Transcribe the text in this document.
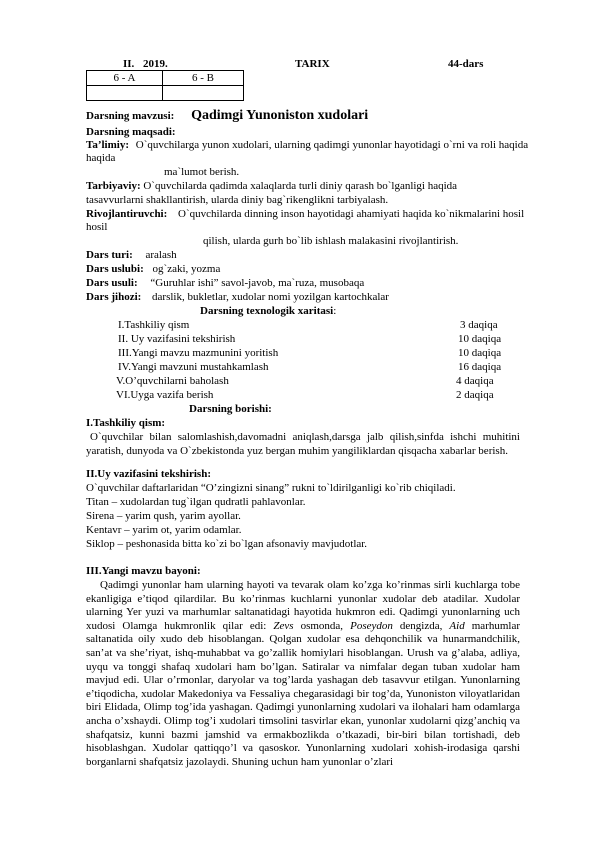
II. 2019.	TARIX	44-dars
6 - A	6 - B

Darsning mavzusi: Qadimgi Yunoniston xudolari
Darsning maqsadi:
Ta’limiy: O`quvchilarga yunon xudolari, ularning qadimgi yunonlar hayotidagi o`rni va roli haqida
haqida
ma`lumot berish.
Tarbiyaviy: O`quvchilarda qadimda xalaqlarda turli diniy qarash bo`lganligi haqida
tasavvurlarni shakllantirish, ularda diniy bag`rikenglikni tarbiyalash.
Rivojlantiruvchi: O`quvchilarda dinning inson hayotidagi ahamiyati haqida ko`nikmalarini hosil
hosil
qilish, ularda gurh bo`lib ishlash malakasini rivojlantirish.
Dars turi: aralash
Dars uslubi: og`zaki, yozma
Dars usuli: “Guruhlar ishi” savol-javob, ma`ruza, musobaqa
Dars jihozi: darslik, bukletlar, xudolar nomi yozilgan kartochkalar
Darsning texnologik xaritasi:
I.Tashkiliy qism	3 daqiqa
II. Uy vazifasini tekshirish	10 daqiqa
III.Yangi mavzu mazmunini yoritish	10 daqiqa
IV.Yangi mavzuni mustahkamlash	16 daqiqa
V.O’quvchilarni baholash	4 daqiqa
VI.Uyga vazifa berish	2 daqiqa
Darsning borishi:
I.Tashkiliy qism:
O`quvchilar bilan salomlashish,davomadni aniqlash,darsga jalb qilish,sinfda ishchi muhitini yaratish, dunyoda va O`zbekistonda yuz bergan muhim yangiliklardan qisqacha xabarlar berish.
II.Uy vazifasini tekshirish:
O`quvchilar daftarlaridan “O’zingizni sinang” rukni to`ldirilganligi ko`rib chiqiladi.
Titan – xudolardan tug`ilgan qudratli pahlavonlar.
Sirena – yarim qush, yarim ayollar.
Kentavr – yarim ot, yarim odamlar.
Siklop – peshonasida bitta ko`zi bo`lgan afsonaviy mavjudotlar.
III.Yangi mavzu bayoni:
Qadimgi yunonlar ham ularning hayoti va tevarak olam ko’zga ko’rinmas sirli kuchlarga tobe ekanligiga e’tiqod qilardilar. Bu ko’rinmas kuchlarni yunonlar xudolar deb atadilar. Xudolar ularning Yer yuzi va marhumlar saltanatidagi hayotida hukmron edi. Qadimgi yunonlarning uch xudosi Olamga hukmronlik qilar edi: Zevs osmonda, Poseydon dengizda, Aid marhumlar saltanatida oily xudo deb hisoblangan. Qolgan xudolar esa dehqonchilik va hunarmandchilik, san’at va she’riyat, ishq-muhabbat va go’zallik homiylari hisoblangan. Urush va g’alaba, adliya, uyqu va tonggi shafaq xudolari ham bo’lgan. Satiralar va nimfalar degan tuban xudolar ham mavjud edi. Ular o’rmonlar, daryolar va tog’larda yashagan deb tasavvur etilgan. Yunonlarning e’tiqodicha, xudolar Makedoniya va Fessaliya chegarasidagi bir tog’da, Yunoniston viloyatlaridan biri Elidada, Olimp tog’ida yashagan. Qadimgi yunonlarning xudolari va ilohalari ham odamlarga ancha o’xshaydi. Olimp tog’i xudolari timsolini tasvirlar ekan, yunonlar xudolarni qizg’anchiq va shafqatsiz, kunni bazmi jamshid va ermakbozlikda o’tkazadi, bir-biri bilan tortishadi, deb hisoblashgan. Xudolar qattiqqo’l va qasoskor. Yunonlarning xudolari xohish-irodasiga qarshi borganlarni shafqatsiz jazolaydi. Shuning uchun ham yunonlar o’zlari
